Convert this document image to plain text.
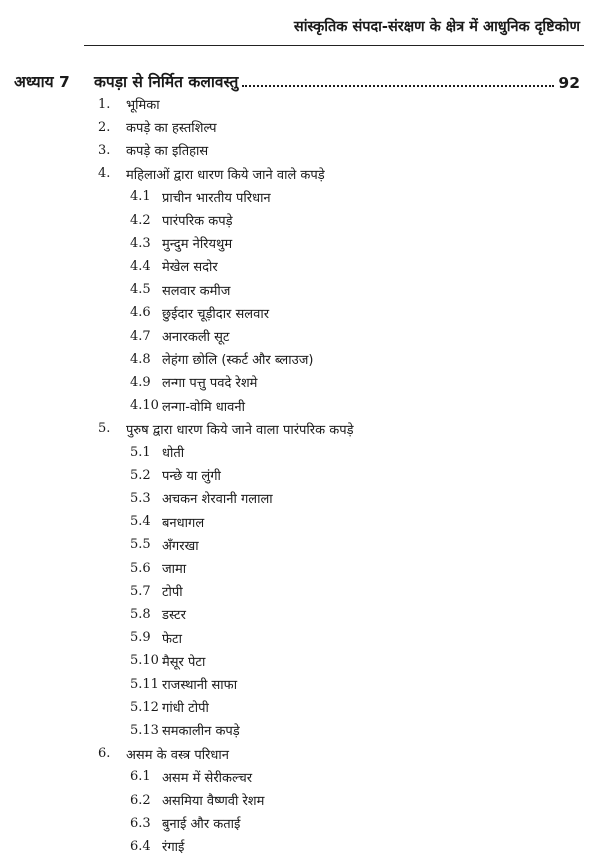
सांस्कृतिक संपदा-संरक्षण के क्षेत्र में आधुनिक दृष्टिकोण
अध्याय 7	कपड़ा से निर्मित कलावस्तु	92
1.	भूमिका
2.	कपड़े का हस्तशिल्प
3.	कपड़े का इतिहास
4.	महिलाओं द्वारा धारण किये जाने वाले कपड़े
4.1 प्राचीन भारतीय परिधान
4.2 पारंपरिक कपड़े
4.3 मुन्दुम नेरियथुम
4.4 मेखेल सदोर
4.5 सलवार कमीज
4.6 छुईदार चूड़ीदार सलवार
4.7 अनारकली सूट
4.8 लेहंगा छोलि (स्कर्ट और ब्लाउज)
4.9 लन्गा पत्तु पवदे रेशमे
4.10 लन्गा-वोमि धावनी
5.	पुरुष द्वारा धारण किये जाने वाला पारंपरिक कपड़े
5.1 धोती
5.2 पन्छे या लुंगी
5.3 अचकन शेरवानी गलाला
5.4 बनधागल
5.5 अँगरखा
5.6 जामा
5.7 टोपी
5.8 डस्टर
5.9 फेटा
5.10 मैसूर पेटा
5.11 राजस्थानी साफा
5.12 गांधी टोपी
5.13 समकालीन कपड़े
6.	असम के वस्त्र परिधान
6.1 असम में सेरीकल्चर
6.2 असमिया वैष्णवी रेशम
6.3 बुनाई और कताई
6.4 रंगाई
